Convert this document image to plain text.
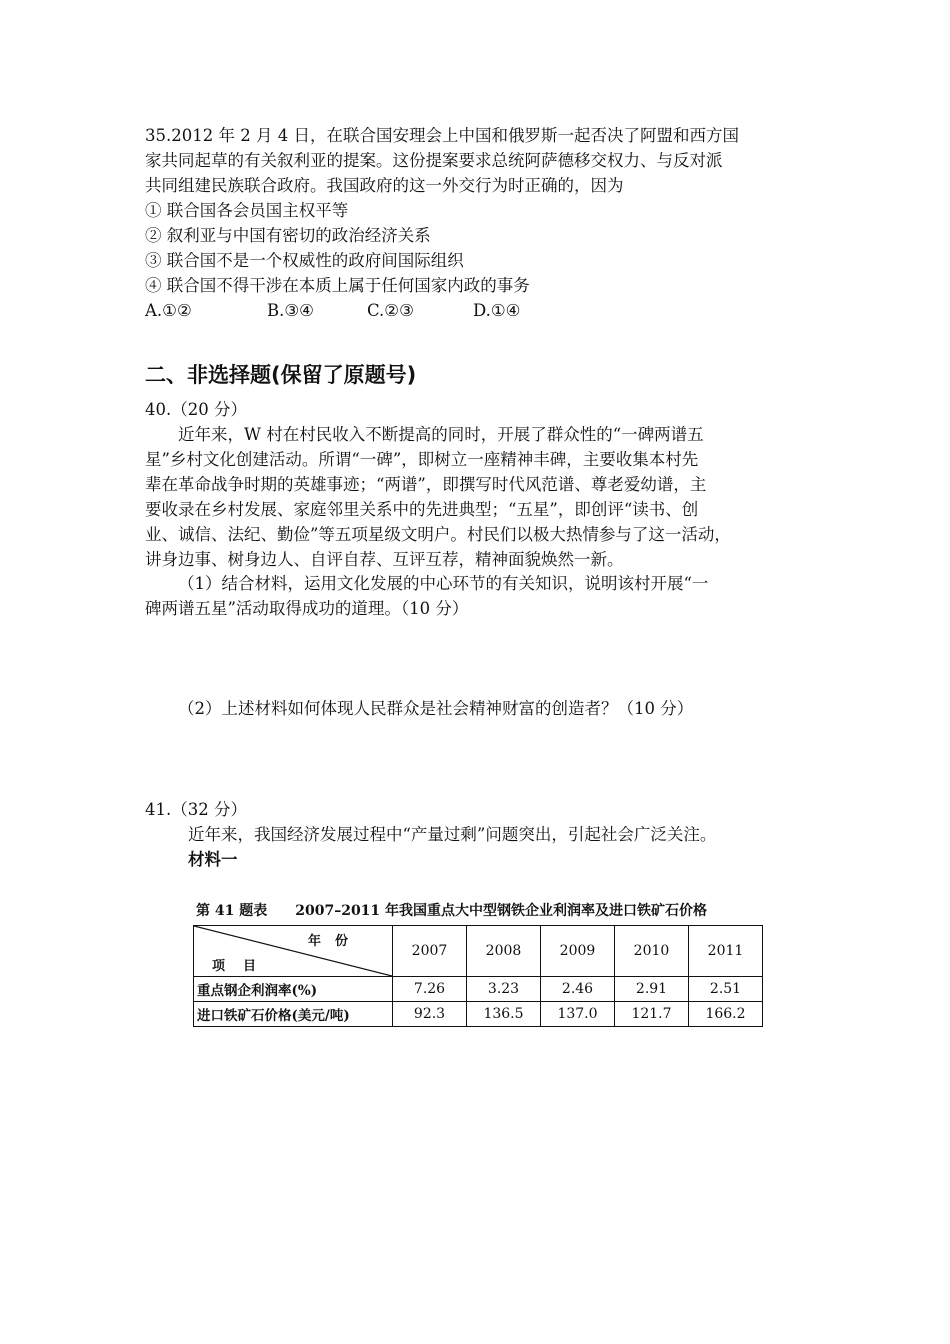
35.2012 年 2 月 4 日，在联合国安理会上中国和俄罗斯一起否决了阿盟和西方国
家共同起草的有关叙利亚的提案。这份提案要求总统阿萨德移交权力、与反对派
共同组建民族联合政府。我国政府的这一外交行为时正确的，因为
① 联合国各会员国主权平等
② 叙利亚与中国有密切的政治经济关系
③ 联合国不是一个权威性的政府间国际组织
④ 联合国不得干涉在本质上属于任何国家内政的事务
A.①②	B.③④	C.②③	D.①④
二、非选择题(保留了原题号)
40.（20 分）
近年来，W 村在村民收入不断提高的同时，开展了群众性的“一碑两谱五
星”乡村文化创建活动。所谓“一碑”，即树立一座精神丰碑，主要收集本村先
辈在革命战争时期的英雄事迹；“两谱”，即撰写时代风范谱、尊老爱幼谱，主
要收录在乡村发展、家庭邻里关系中的先进典型；“五星”，即创评“读书、创
业、诚信、法纪、勤俭”等五项星级文明户。村民们以极大热情参与了这一活动，
讲身边事、树身边人、自评自荐、互评互荐，精神面貌焕然一新。
（1）结合材料，运用文化发展的中心环节的有关知识，说明该村开展“一
碑两谱五星”活动取得成功的道理。（10 分）
（2）上述材料如何体现人民群众是社会精神财富的创造者？（10 分）
41.（32 分）
近年来，我国经济发展过程中“产量过剩”问题突出，引起社会广泛关注。
材料一
第 41 题表 2007–2011 年我国重点大中型钢铁企业利润率及进口铁矿石价格
年份
项目	2007	2008	2009	2010	2011
重点钢企利润率(%)	7.26	3.23	2.46	2.91	2.51
进口铁矿石价格(美元/吨)	92.3	136.5	137.0	121.7	166.2
